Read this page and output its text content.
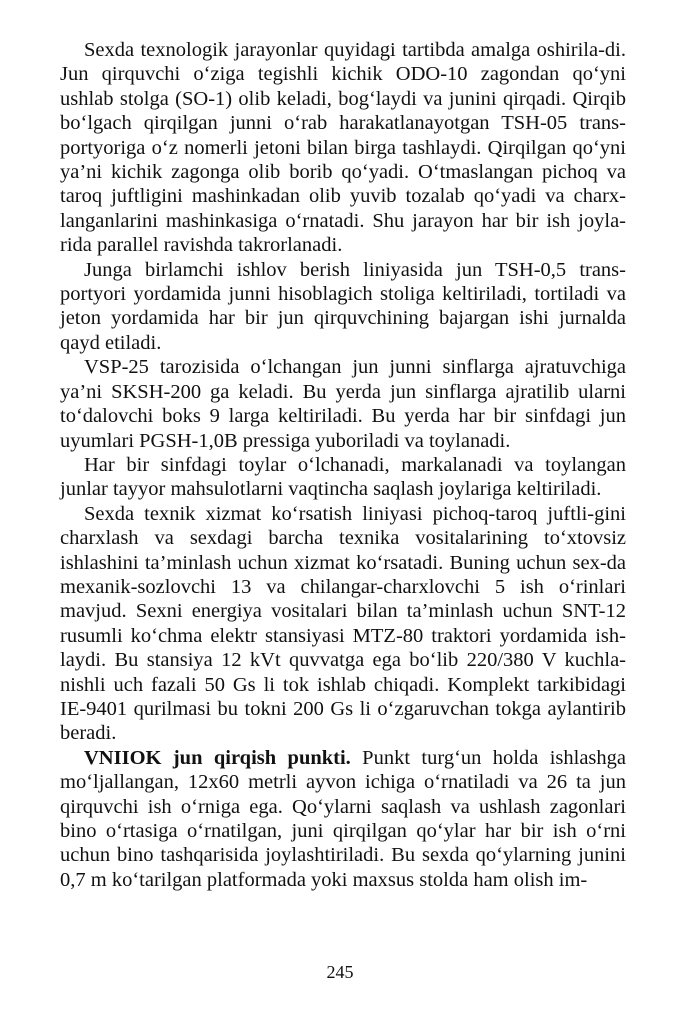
Sexda texnologik jarayonlar quyidagi tartibda amalga oshirila-di. Jun qirquvchi o‘ziga tegishli kichik ODO-10 zagondan qo‘yni ushlab stolga (SO-1) olib keladi, bog‘laydi va junini qirqadi. Qirqib bo‘lgach qirqilgan junni o‘rab harakatlanayotgan TSH-05 trans-portyoriga o‘z nomerli jetoni bilan birga tashlaydi. Qirqilgan qo‘yni ya’ni kichik zagonga olib borib qo‘yadi. O‘tmaslangan pichoq va taroq juftligini mashinkadan olib yuvib tozalab qo‘yadi va charx-langanlarini mashinkasiga o‘rnatadi. Shu jarayon har bir ish joyla-rida parallel ravishda takrorlanadi.

Junga birlamchi ishlov berish liniyasida jun TSH-0,5 trans-portyori yordamida junni hisoblagich stoliga keltiriladi, tortiladi va jeton yordamida har bir jun qirquvchining bajargan ishi jurnalda qayd etiladi.

VSP-25 tarozisida o‘lchangan jun junni sinflarga ajratuvchiga ya’ni SKSH-200 ga keladi. Bu yerda jun sinflarga ajratilib ularni to‘dalovchi boks 9 larga keltiriladi. Bu yerda har bir sinfdagi jun uyumlari PGSH-1,0B pressiga yuboriladi va toylanadi.

Har bir sinfdagi toylar o‘lchanadi, markalanadi va toylangan junlar tayyor mahsulotlarni vaqtincha saqlash joylariga keltiriladi.

Sexda texnik xizmat ko‘rsatish liniyasi pichoq-taroq juftli-gini charxlash va sexdagi barcha texnika vositalarining to‘xtovsiz ishlashini ta’minlash uchun xizmat ko‘rsatadi. Buning uchun sex-da mexanik-sozlovchi 13 va chilangar-charxlovchi 5 ish o‘rinlari mavjud. Sexni energiya vositalari bilan ta’minlash uchun SNT-12 rusumli ko‘chma elektr stansiyasi MTZ-80 traktori yordamida ish-laydi. Bu stansiya 12 kVt quvvatga ega bo‘lib 220/380 V kuchla-nishli uch fazali 50 Gs li tok ishlab chiqadi. Komplekt tarkibidagi IE-9401 qurilmasi bu tokni 200 Gs li o‘zgaruvchan tokga aylantirib beradi.

VNIIOK jun qirqish punkti. Punkt turg‘un holda ishlashga mo‘ljallangan, 12x60 metrli ayvon ichiga o‘rnatiladi va 26 ta jun qirquvchi ish o‘rniga ega. Qo‘ylarni saqlash va ushlash zagonlari bino o‘rtasiga o‘rnatilgan, juni qirqilgan qo‘ylar har bir ish o‘rni uchun bino tashqarisida joylashtiriladi. Bu sexda qo‘ylarning junini 0,7 m ko‘tarilgan platformada yoki maxsus stolda ham olish im-

245
